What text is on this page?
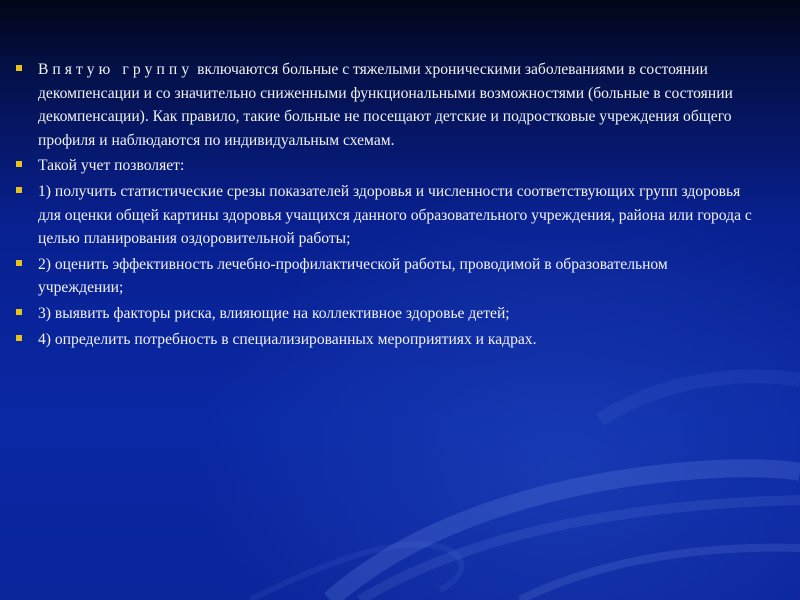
В пятую группу включаются больные с тяжелыми хроническими заболеваниями в состоянии декомпенсации и со значительно сниженными функциональными возможностями (больные в состоянии декомпенсации). Как правило, такие больные не посещают детские и подростковые учреждения общего профиля и наблюдаются по индивидуальным схемам.
Такой учет позволяет:
1) получить статистические срезы показателей здоровья и численности соответствующих групп здоровья для оценки общей картины здоровья учащихся данного образовательного учреждения, района или города с целью планирования оздоровительной работы;
2) оценить эффективность лечебно-профилактической работы, проводимой в образовательном учреждении;
3) выявить факторы риска, влияющие на коллективное здоровье детей;
4) определить потребность в специализированных мероприятиях и кадрах.
